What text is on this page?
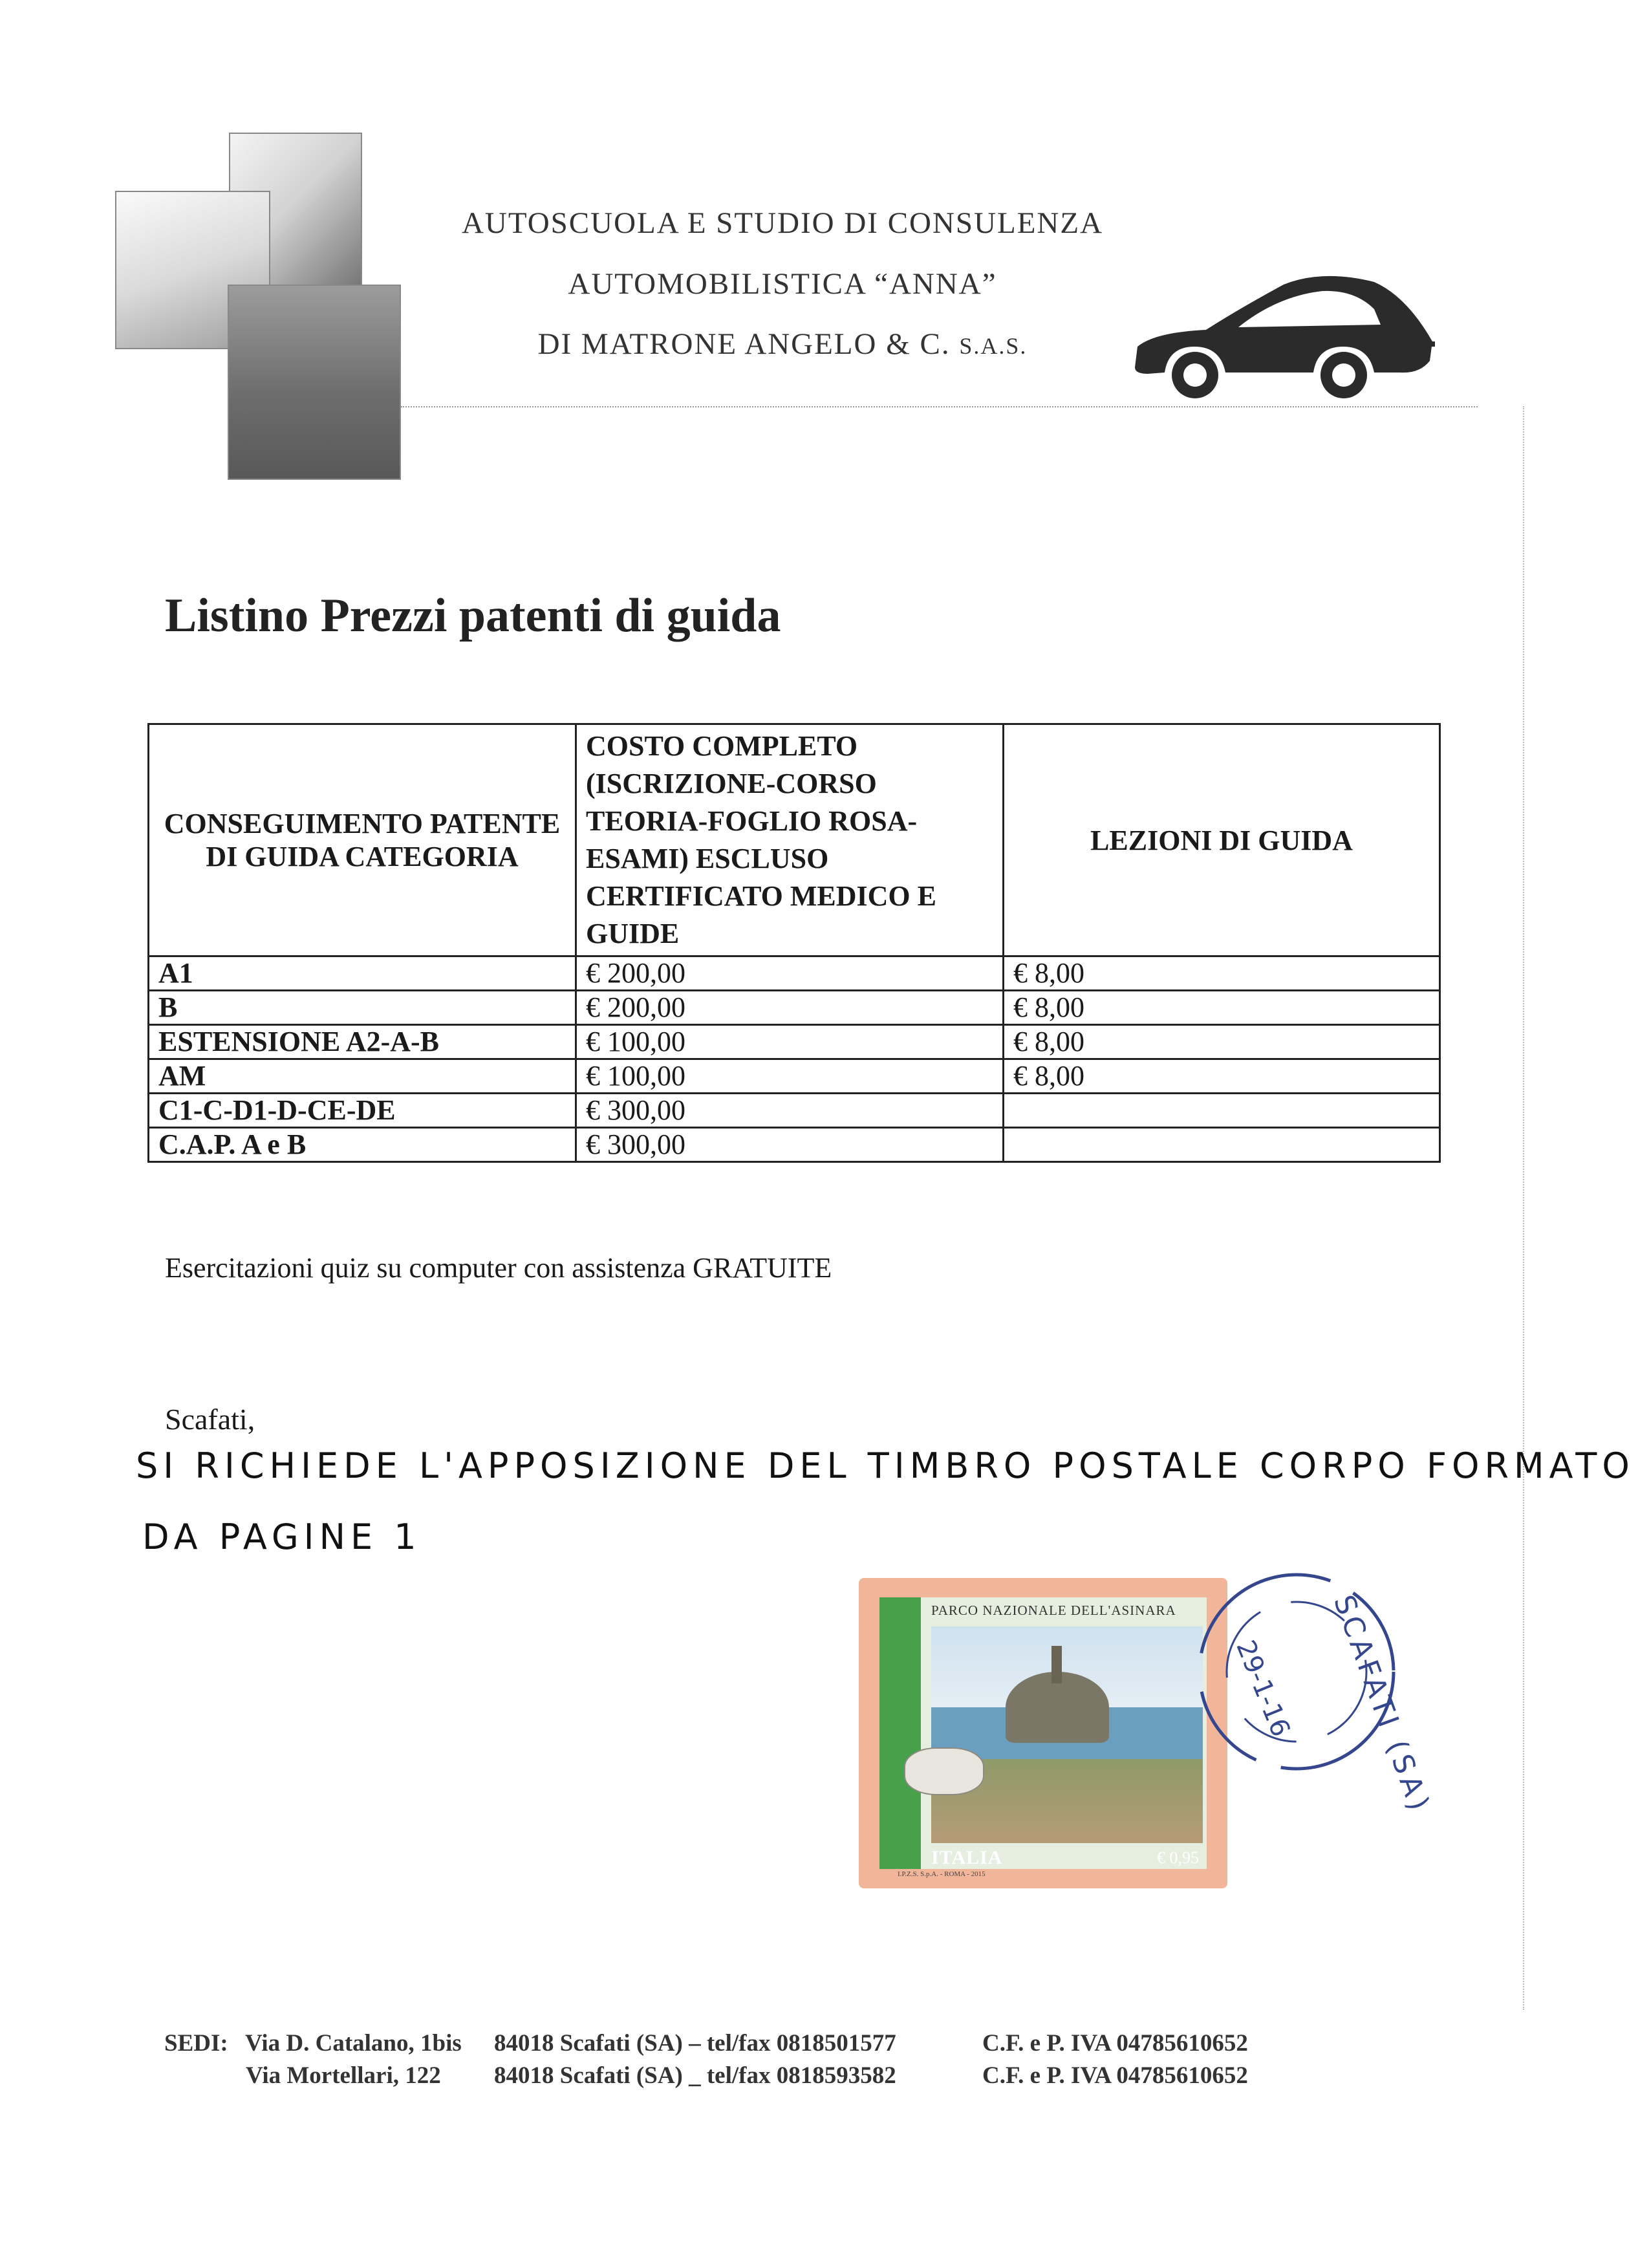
AUTOSCUOLA E STUDIO DI CONSULENZA
AUTOMOBILISTICA “ANNA”
DI MATRONE ANGELO & C. S.A.S.
Listino Prezzi patenti di guida
CONSEGUIMENTO PATENTE DI GUIDA CATEGORIA	COSTO COMPLETO (ISCRIZIONE-CORSO TEORIA-FOGLIO ROSA-ESAMI) ESCLUSO CERTIFICATO MEDICO E GUIDE	LEZIONI DI GUIDA
A1	€ 200,00	€ 8,00
B	€ 200,00	€ 8,00
ESTENSIONE A2-A-B	€ 100,00	€ 8,00
AM	€ 100,00	€ 8,00
C1-C-D1-D-CE-DE	€ 300,00	
C.A.P. A e B	€ 300,00	
Esercitazioni quiz su computer con assistenza GRATUITE
Scafati,
SI RICHIEDE L'APPOSIZIONE DEL TIMBRO POSTALE CORPO FORMATO
DA PAGINE 1
PARCO NAZIONALE DELL'ASINARA
ITALIA	€ 0,95
I.P.Z.S. S.p.A. - ROMA - 2015
29-1-16 SCAFATI (SA)
SEDI: Via D. Catalano, 1bis 84018 Scafati (SA) – tel/fax 0818501577	C.F. e P. IVA 04785610652
Via Mortellari, 122 84018 Scafati (SA) _ tel/fax 0818593582	C.F. e P. IVA 04785610652
